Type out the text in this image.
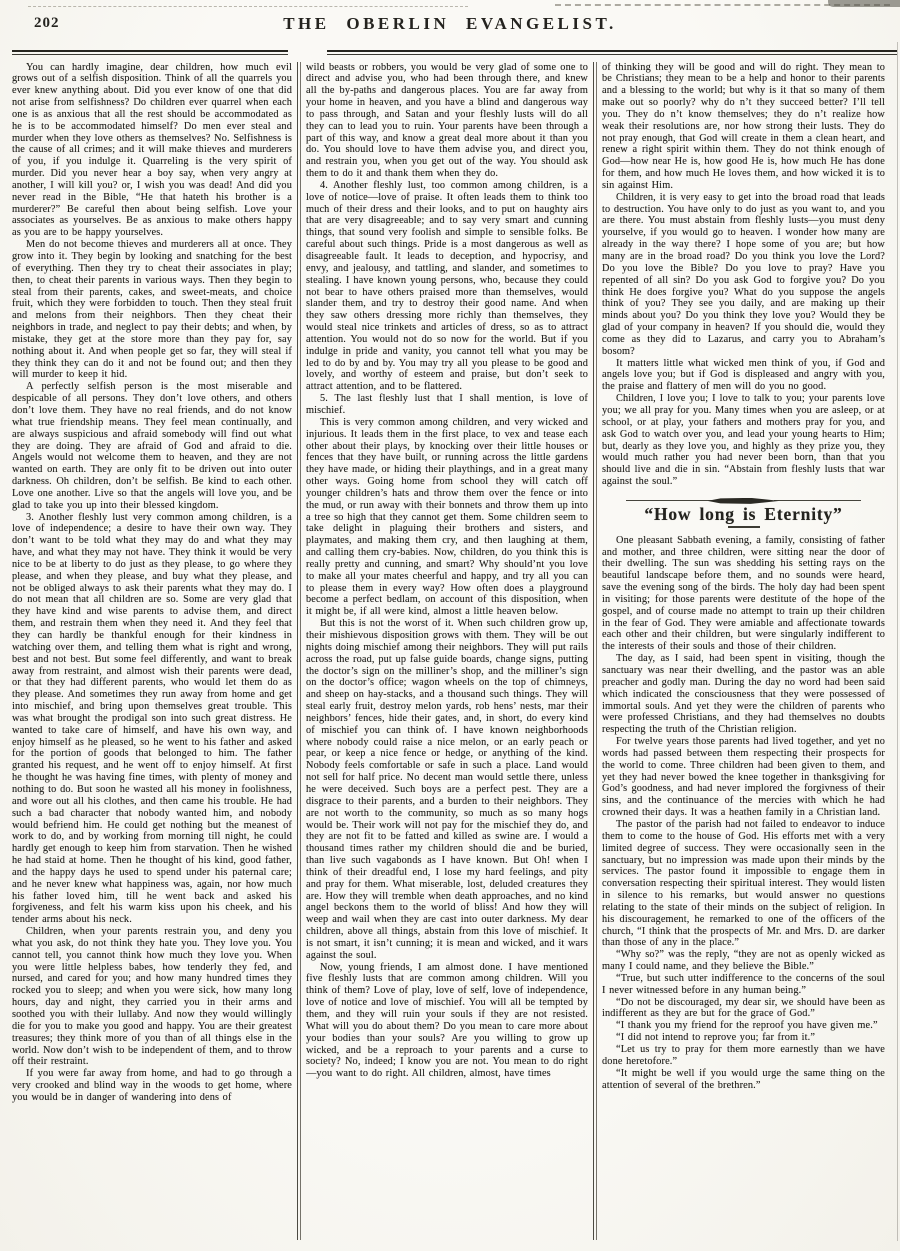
202	THE OBERLIN EVANGELIST.

You can hardly imagine, dear children, how much evil grows out of a selfish disposition. Think of all the quarrels you ever knew anything about. Did you ever know of one that did not arise from selfishness? Do children ever quarrel when each one is as anxious that all the rest should be accommodated as he is to be accommodated himself? Do men ever steal and murder when they love others as themselves? No. Selfishness is the cause of all crimes; and it will make thieves and murderers of you, if you indulge it. Quarreling is the very spirit of murder. Did you never hear a boy say, when very angry at another, I will kill you? or, I wish you was dead! And did you never read in the Bible, “He that hateth his brother is a murderer?” Be careful then about being selfish. Love your associates as yourselves. Be as anxious to make others happy as you are to be happy yourselves.

Men do not become thieves and murderers all at once. They grow into it. They begin by looking and snatching for the best of everything. Then they try to cheat their associates in play; then, to cheat their parents in various ways. Then they begin to steal from their parents, cakes, and sweet-meats, and choice fruit, which they were forbidden to touch. Then they steal fruit and melons from their neighbors. Then they cheat their neighbors in trade, and neglect to pay their debts; and when, by mistake, they get at the store more than they pay for, say nothing about it. And when people get so far, they will steal if they think they can do it and not be found out; and then they will murder to keep it hid.

A perfectly selfish person is the most miserable and despicable of all persons. They don’t love others, and others don’t love them. They have no real friends, and do not know what true friendship means. They feel mean continually, and are always suspicious and afraid somebody will find out what they are doing. They are afraid of God and afraid to die. Angels would not welcome them to heaven, and they are not wanted on earth. They are only fit to be driven out into outer darkness. Oh children, don’t be selfish. Be kind to each other. Love one another. Live so that the angels will love you, and be glad to take you up into their blessed kingdom.

3. Another fleshly lust very common among children, is a love of independence; a desire to have their own way. They don’t want to be told what they may do and what they may have, and what they may not have. They think it would be very nice to be at liberty to do just as they please, to go where they please, and when they please, and buy what they please, and not be obliged always to ask their parents what they may do. I do not mean that all children are so. Some are very glad that they have kind and wise parents to advise them, and direct them, and restrain them when they need it. And they feel that they can hardly be thankful enough for their kindness in watching over them, and telling them what is right and wrong, best and not best. But some feel differently, and want to break away from restraint, and almost wish their parents were dead, or that they had different parents, who would let them do as they please. And sometimes they run away from home and get into mischief, and bring upon themselves great trouble. This was what brought the prodigal son into such great distress. He wanted to take care of himself, and have his own way, and enjoy himself as he pleased, so he went to his father and asked for the portion of goods that belonged to him. The father granted his request, and he went off to enjoy himself. At first he thought he was having fine times, with plenty of money and nothing to do. But soon he wasted all his money in foolishness, and wore out all his clothes, and then came his trouble. He had such a bad character that nobody wanted him, and nobody would befriend him. He could get nothing but the meanest of work to do, and by working from morning till night, he could hardly get enough to keep him from starvation. Then he wished he had staid at home. Then he thought of his kind, good father, and the happy days he used to spend under his paternal care; and he never knew what happiness was, again, nor how much his father loved him, till he went back and asked his forgiveness, and felt his warm kiss upon his cheek, and his tender arms about his neck.

Children, when your parents restrain you, and deny you what you ask, do not think they hate you. They love you. You cannot tell, you cannot think how much they love you. When you were little helpless babes, how tenderly they fed, and nursed, and cared for you; and how many hundred times they rocked you to sleep; and when you were sick, how many long hours, day and night, they carried you in their arms and soothed you with their lullaby. And now they would willingly die for you to make you good and happy. You are their greatest treasures; they think more of you than of all things else in the world. Now don’t wish to be independent of them, and to throw off their restraint.

If you were far away from home, and had to go through a very crooked and blind way in the woods to get home, where you would be in danger of wandering into dens of

wild beasts or robbers, you would be very glad of some one to direct and advise you, who had been through there, and knew all the by-paths and dangerous places. You are far away from your home in heaven, and you have a blind and dangerous way to pass through, and Satan and your fleshly lusts will do all they can to lead you to ruin. Your parents have been through a part of this way, and know a great deal more about it than you do. You should love to have them advise you, and direct you, and restrain you, when you get out of the way. You should ask them to do it and thank them when they do.

4. Another fleshly lust, too common among children, is a love of notice—love of praise. It often leads them to think too much of their dress and their looks, and to put on haughty airs that are very disagreeable; and to say very smart and cunning things, that sound very foolish and simple to sensible folks. Be careful about such things. Pride is a most dangerous as well as disagreeable fault. It leads to deception, and hypocrisy, and envy, and jealousy, and tattling, and slander, and sometimes to stealing. I have known young persons, who, because they could not bear to have others praised more than themselves, would slander them, and try to destroy their good name. And when they saw others dressing more richly than themselves, they would steal nice trinkets and articles of dress, so as to attract attention. You would not do so now for the world. But if you indulge in pride and vanity, you cannot tell what you may be led to do by and by. You may try all you please to be good and lovely, and worthy of esteem and praise, but don’t seek to attract attention, and to be flattered.

5. The last fleshly lust that I shall mention, is love of mischief.

This is very common among children, and very wicked and injurious. It leads them in the first place, to vex and tease each other about their plays, by knocking over their little houses or fences that they have built, or running across the little gardens they have made, or hiding their playthings, and in a great many other ways. Going home from school they will catch off younger children’s hats and throw them over the fence or into the mud, or run away with their bonnets and throw them up into a tree so high that they cannot get them. Some children seem to take delight in plaguing their brothers and sisters, and playmates, and making them cry, and then laughing at them, and calling them cry-babies. Now, children, do you think this is really pretty and cunning, and smart? Why should’nt you love to make all your mates cheerful and happy, and try all you can to please them in every way? How often does a playground become a perfect bedlam, on account of this disposition, when it might be, if all were kind, almost a little heaven below.

But this is not the worst of it. When such children grow up, their mishievous disposition grows with them. They will be out nights doing mischief among their neighbors. They will put rails across the road, put up false guide boards, change signs, putting the doctor’s sign on the milliner’s shop, and the milliner’s sign on the doctor’s office; wagon wheels on the top of chimneys, and sheep on hay-stacks, and a thousand such things. They will steal early fruit, destroy melon yards, rob hens’ nests, mar their neighbors’ fences, hide their gates, and, in short, do every kind of mischief you can think of. I have known neighborhoods where nobody could raise a nice melon, or an early peach or pear, or keep a nice fence or hedge, or anything of the kind. Nobody feels comfortable or safe in such a place. Land would not sell for half price. No decent man would settle there, unless he were deceived. Such boys are a perfect pest. They are a disgrace to their parents, and a burden to their neighbors. They are not worth to the community, so much as so many hogs would be. Their work will not pay for the mischief they do, and they are not fit to be fatted and killed as swine are. I would a thousand times rather my children should die and be buried, than live such vagabonds as I have known. But Oh! when I think of their dreadful end, I lose my hard feelings, and pity and pray for them. What miserable, lost, deluded creatures they are. How they will tremble when death approaches, and no kind angel beckons them to the world of bliss! And how they will weep and wail when they are cast into outer darkness. My dear children, above all things, abstain from this love of mischief. It is not smart, it isn’t cunning; it is mean and wicked, and it wars against the soul.

Now, young friends, I am almost done. I have mentioned five fleshly lusts that are common among children. Will you think of them? Love of play, love of self, love of independence, love of notice and love of mischief. You will all be tempted by them, and they will ruin your souls if they are not resisted. What will you do about them? Do you mean to care more about your bodies than your souls? Are you willing to grow up wicked, and be a reproach to your parents and a curse to society? No, indeed; I know you are not. You mean to do right—you want to do right. All children, almost, have times

of thinking they will be good and will do right. They mean to be Christians; they mean to be a help and honor to their parents and a blessing to the world; but why is it that so many of them make out so poorly? why do n’t they succeed better? I’ll tell you. They do n’t know themselves; they do n’t realize how weak their resolutions are, nor how strong their lusts. They do not pray enough, that God will create in them a clean heart, and renew a right spirit within them. They do not think enough of God—how near He is, how good He is, how much He has done for them, and how much He loves them, and how wicked it is to sin against Him.

Children, it is very easy to get into the broad road that leads to destruction. You have only to do just as you want to, and you are there. You must abstain from fleshly lusts—you must deny yourselve, if you would go to heaven. I wonder how many are already in the way there? I hope some of you are; but how many are in the broad road? Do you think you love the Lord? Do you love the Bible? Do you love to pray? Have you repented of all sin? Do you ask God to forgive you? Do you think He does forgive you? What do you suppose the angels think of you? They see you daily, and are making up their minds about you? Do you think they love you? Would they be glad of your company in heaven? If you should die, would they come as they did to Lazarus, and carry you to Abraham’s bosom?

It matters little what wicked men think of you, if God and angels love you; but if God is displeased and angry with you, the praise and flattery of men will do you no good.

Children, I love you; I love to talk to you; your parents love you; we all pray for you. Many times when you are asleep, or at school, or at play, your fathers and mothers pray for you, and ask God to watch over you, and lead your young hearts to Him; but, dearly as they love you, and highly as they prize you, they would much rather you had never been born, than that you should live and die in sin. “Abstain from fleshly lusts that war against the soul.”

“How long is Eternity”

One pleasant Sabbath evening, a family, consisting of father and mother, and three children, were sitting near the door of their dwelling. The sun was shedding his setting rays on the beautiful landscape before them, and no sounds were heard, save the evening song of the birds. The holy day had been spent in visiting; for those parents were destitute of the hope of the gospel, and of course made no attempt to train up their children in the fear of God. They were amiable and affectionate towards each other and their children, but were singularly indifferent to the interests of their souls and those of their children.

The day, as I said, had been spent in visiting, though the sanctuary was near their dwelling, and the pastor was an able preacher and godly man. During the day no word had been said which indicated the consciousness that they were possessed of immortal souls. And yet they were the children of parents who were professed Christians, and they had themselves no doubts respecting the truth of the Christian religion.

For twelve years those parents had lived together, and yet no words had passed between them respecting their prospects for the world to come. Three children had been given to them, and yet they had never bowed the knee together in thanksgiving for God’s goodness, and had never implored the forgivness of their sins, and the continuance of the mercies with which he had crowned their days. It was a heathen family in a Christian land.

The pastor of the parish had not failed to endeavor to induce them to come to the house of God. His efforts met with a very limited degree of success. They were occasionally seen in the sanctuary, but no impression was made upon their minds by the services. The pastor found it impossible to engage them in conversation respecting their spiritual interest. They would listen in silence to his remarks, but would answer no questions relating to the state of their minds on the subject of religion. In his discouragement, he remarked to one of the officers of the church, “I think that the prospects of Mr. and Mrs. D. are darker than those of any in the place.”

“Why so?” was the reply, “they are not as openly wicked as many I could name, and they believe the Bible.”

“True, but such utter indifference to the concerns of the soul I never witnessed before in any human being.”

“Do not be discouraged, my dear sir, we should have been as indifferent as they are but for the grace of God.”

“I thank you my friend for the reproof you have given me.”

“I did not intend to reprove you; far from it.”

“Let us try to pray for them more earnestly than we have done heretofore.”

“It might be well if you would urge the same thing on the attention of several of the brethren.”
